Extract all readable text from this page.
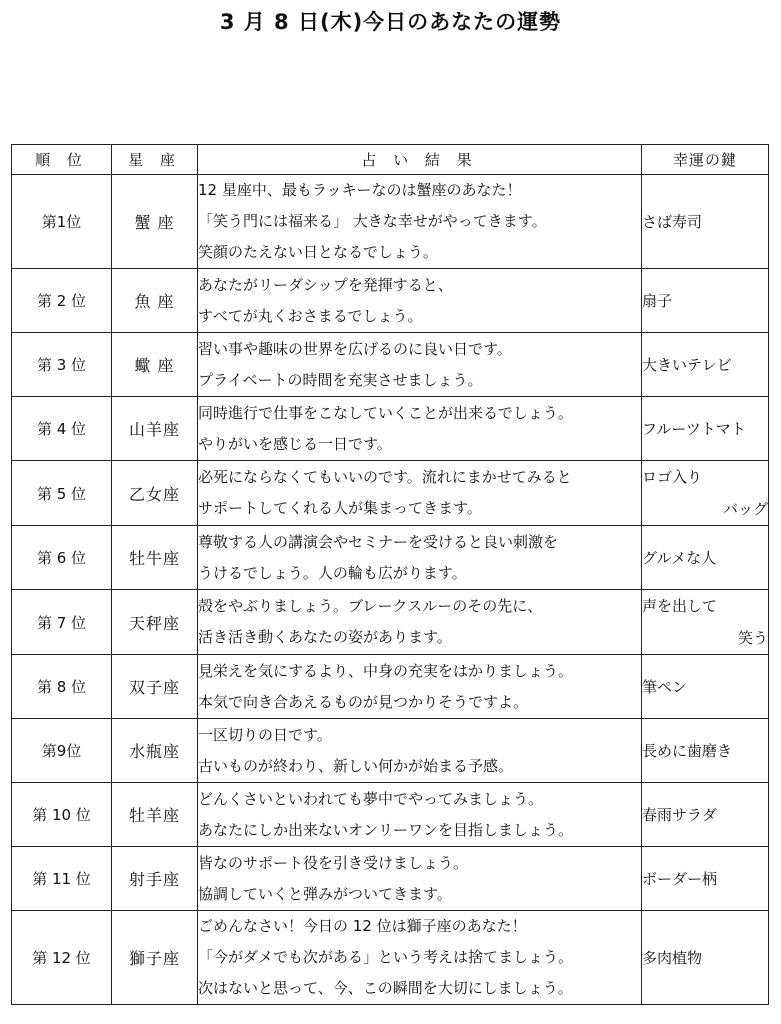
3 月 8 日(木)今日のあなたの運勢
順 位	星 座	占 い 結 果	幸運の鍵
第1位	蟹 座	12 星座中、最もラッキーなのは蟹座のあなた！
「笑う門には福来る」 大きな幸せがやってきます。
笑顔のたえない日となるでしょう。	さば寿司

第 2 位	魚 座	あなたがリーダシップを発揮すると、
すべてが丸くおさまるでしょう。	扇子

第 3 位	蠍 座	習い事や趣味の世界を広げるのに良い日です。
プライベートの時間を充実させましょう。	大きいテレビ

第 4 位	山羊座	同時進行で仕事をこなしていくことが出来るでしょう。
やりがいを感じる一日です。	フルーツトマト

第 5 位	乙女座	必死にならなくてもいいのです。流れにまかせてみると
サポートしてくれる人が集まってきます。	ロゴ入り
バッグ

第 6 位	牡牛座	尊敬する人の講演会やセミナーを受けると良い刺激を
うけるでしょう。人の輪も広がります。	グルメな人

第 7 位	天秤座	殻をやぶりましょう。ブレークスルーのその先に、
活き活き動くあなたの姿があります。	声を出して
笑う

第 8 位	双子座	見栄えを気にするより、中身の充実をはかりましょう。
本気で向き合あえるものが見つかりそうですよ。	筆ペン

第9位	水瓶座	一区切りの日です。
古いものが終わり、新しい何かが始まる予感。	長めに歯磨き

第 10 位	牡羊座	どんくさいといわれても夢中でやってみましょう。
あなたにしか出来ないオンリーワンを目指しましょう。	春雨サラダ

第 11 位	射手座	皆なのサポート役を引き受けましょう。
協調していくと弾みがついてきます。	ボーダー柄

第 12 位	獅子座	ごめんなさい！今日の 12 位は獅子座のあなた！
「今がダメでも次がある」という考えは捨てましょう。
次はないと思って、今、この瞬間を大切にしましょう。	多肉植物
